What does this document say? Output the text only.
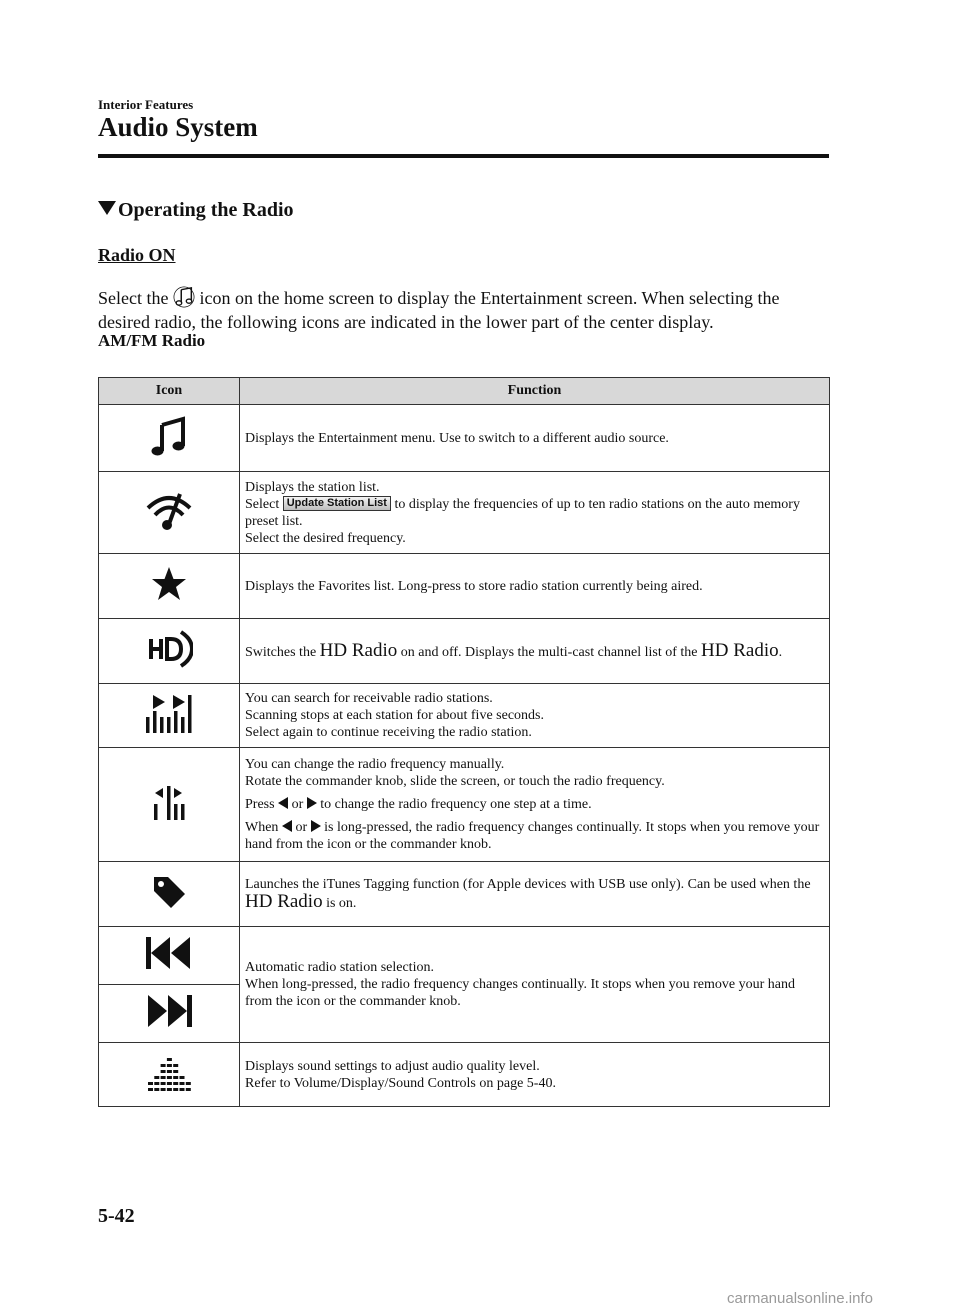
Interior Features
Audio System
Operating the Radio
Radio ON
Select the  icon on the home screen to display the Entertainment screen. When selecting the desired radio, the following icons are indicated in the lower part of the center display.
AM/FM Radio
Icon	Function
	Displays the Entertainment menu. Use to switch to a different audio source.

Displays the station list.
Select Update Station List to display the frequencies of up to ten radio stations on the auto memory preset list.
Select the desired frequency.

	Displays the Favorites list. Long-press to store radio station currently being aired.
	Switches the HD Radio on and off. Displays the multi-cast channel list of the HD Radio.

You can search for receivable radio stations.
Scanning stops at each station for about five seconds.
Select again to continue receiving the radio station.

You can change the radio frequency manually.
Rotate the commander knob, slide the screen, or touch the radio frequency.
Press  or  to change the radio frequency one step at a time.
When  or  is long-pressed, the radio frequency changes continually. It stops when you remove your hand from the icon or the commander knob.

	Launches the iTunes Tagging function (for Apple devices with USB use only). Can be used when the HD Radio is on.

Automatic radio station selection.
When long-pressed, the radio frequency changes continually. It stops when you remove your hand from the icon or the commander knob.

Displays sound settings to adjust audio quality level.
Refer to Volume/Display/Sound Controls on page 5-40.
5-42
carmanualsonline.info
